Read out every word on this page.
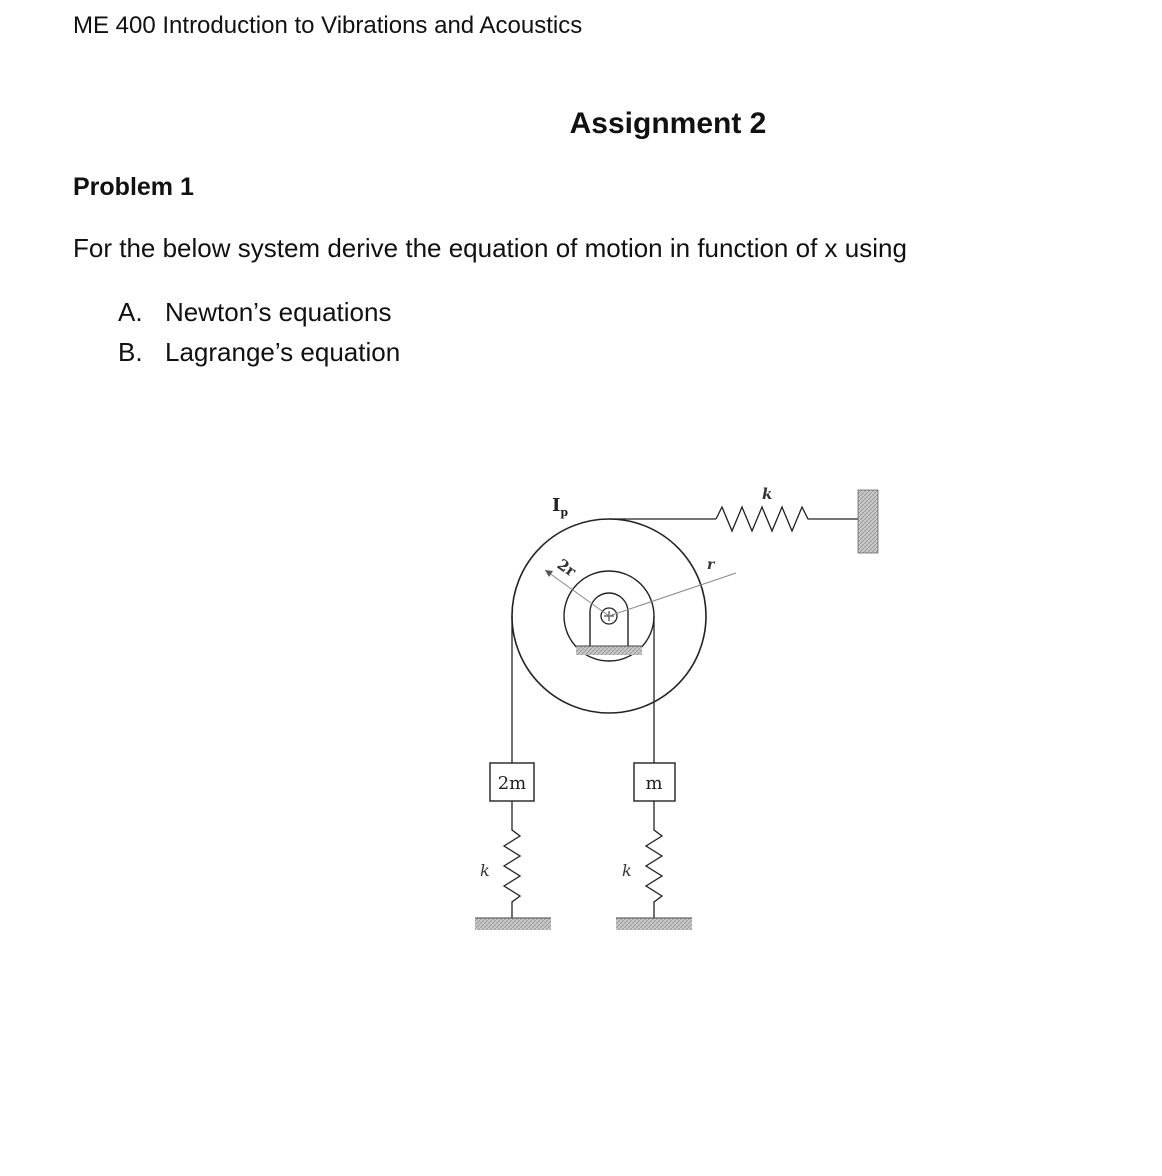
ME 400 Introduction to Vibrations and Acoustics
Assignment 2
Problem 1
For the below system derive the equation of motion in function of x using
A. Newton’s equations
B. Lagrange’s equation
$I_p$
2r	r
k
2m	m
k	k
